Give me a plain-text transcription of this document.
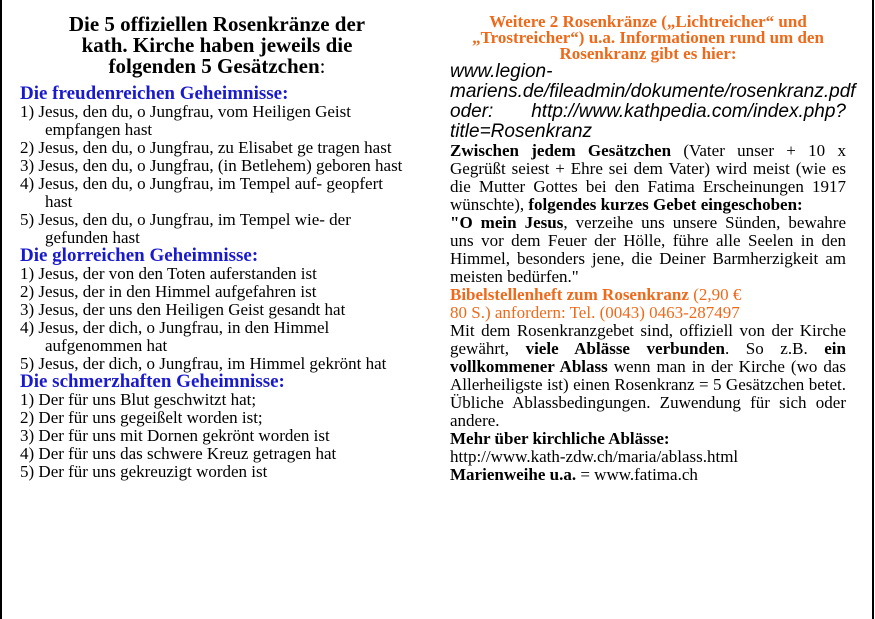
Die 5 offiziellen Rosenkränze der
kath. Kirche haben jeweils die
folgenden 5 Gesätzchen:
Die freudenreichen Geheimnisse:
1) Jesus, den du, o Jungfrau, vom Heiligen Geist empfangen hast
2) Jesus, den du, o Jungfrau, zu Elisabet ge tragen hast
3) Jesus, den du, o Jungfrau, (in Betlehem) geboren hast
4) Jesus, den du, o Jungfrau, im Tempel auf- geopfert hast
5) Jesus, den du, o Jungfrau, im Tempel wie- der gefunden hast
Die glorreichen Geheimnisse:
1) Jesus, der von den Toten auferstanden ist
2) Jesus, der in den Himmel aufgefahren ist
3) Jesus, der uns den Heiligen Geist gesandt hat
4) Jesus, der dich, o Jungfrau, in den Himmel aufgenommen hat
5) Jesus, der dich, o Jungfrau, im Himmel gekrönt hat
Die schmerzhaften Geheimnisse:
1) Der für uns Blut geschwitzt hat;
2) Der für uns gegeißelt worden ist;
3) Der für uns mit Dornen gekrönt worden ist
4) Der für uns das schwere Kreuz getragen hat
5) Der für uns gekreuzigt worden ist
Weitere 2 Rosenkränze („Lichtreicher“ und „Trostreicher“) u.a. Informationen rund um den Rosenkranz gibt es hier:
www.legion-mariens.de/fileadmin/dokumente/rosenkranz.pdf oder: http://www.kathpedia.com/index.php?title=Rosenkranz

Zwischen jedem Gesätzchen (Vater unser + 10 x Gegrüßt seiest + Ehre sei dem Vater) wird meist (wie es die Mutter Gottes bei den Fatima Erscheinungen 1917 wünschte), folgendes kurzes Gebet eingeschoben:

"O mein Jesus, verzeihe uns unsere Sünden, bewahre uns vor dem Feuer der Hölle, führe alle Seelen in den Himmel, besonders jene, die Deiner Barmherzigkeit am meisten bedürfen."

Bibelstellenheft zum Rosenkranz (2,90 €
80 S.) anfordern: Tel. (0043) 0463-287497

Mit dem Rosenkranzgebet sind, offiziell von der Kirche gewährt, viele Ablässe verbunden. So z.B. ein vollkommener Ablass wenn man in der Kirche (wo das Allerheiligste ist) einen Rosenkranz = 5 Gesätzchen betet. Übliche Ablassbedingungen. Zuwendung für sich oder andere.

Mehr über kirchliche Ablässe:
http://www.kath-zdw.ch/maria/ablass.html
Marienweihe u.a. = www.fatima.ch
